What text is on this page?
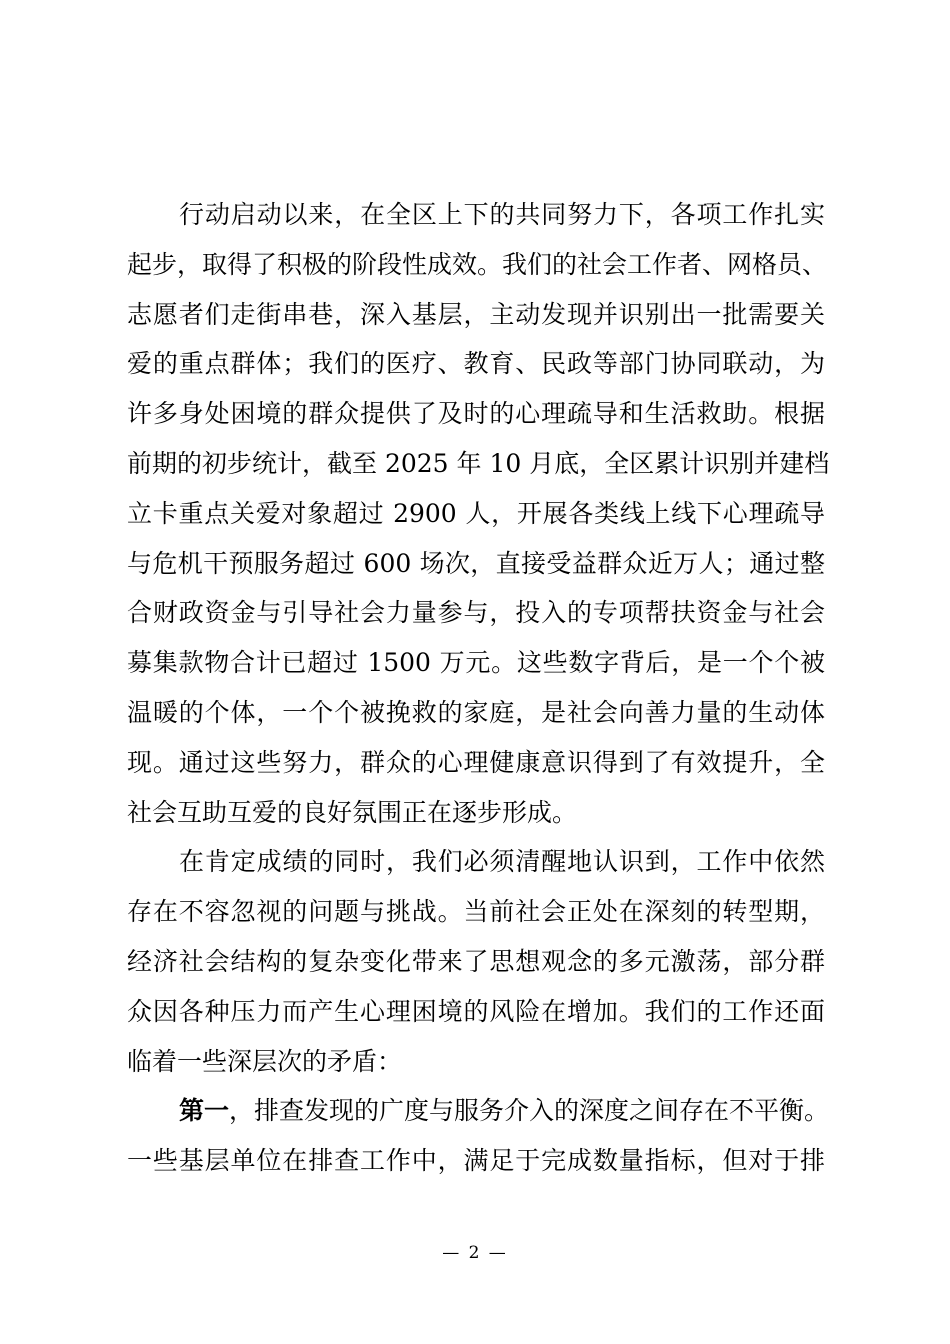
行动启动以来，在全区上下的共同努力下，各项工作扎实
起步，取得了积极的阶段性成效。我们的社会工作者、网格员、
志愿者们走街串巷，深入基层，主动发现并识别出一批需要关
爱的重点群体；我们的医疗、教育、民政等部门协同联动，为
许多身处困境的群众提供了及时的心理疏导和生活救助。根据
前期的初步统计，截至 2025 年 10 月底，全区累计识别并建档
立卡重点关爱对象超过 2900 人，开展各类线上线下心理疏导
与危机干预服务超过 600 场次，直接受益群众近万人；通过整
合财政资金与引导社会力量参与，投入的专项帮扶资金与社会
募集款物合计已超过 1500 万元。这些数字背后，是一个个被
温暖的个体，一个个被挽救的家庭，是社会向善力量的生动体
现。通过这些努力，群众的心理健康意识得到了有效提升，全
社会互助互爱的良好氛围正在逐步形成。
在肯定成绩的同时，我们必须清醒地认识到，工作中依然
存在不容忽视的问题与挑战。当前社会正处在深刻的转型期，
经济社会结构的复杂变化带来了思想观念的多元激荡，部分群
众因各种压力而产生心理困境的风险在增加。我们的工作还面
临着一些深层次的矛盾：
第一，排查发现的广度与服务介入的深度之间存在不平衡。
一些基层单位在排查工作中，满足于完成数量指标，但对于排
— 2 —
